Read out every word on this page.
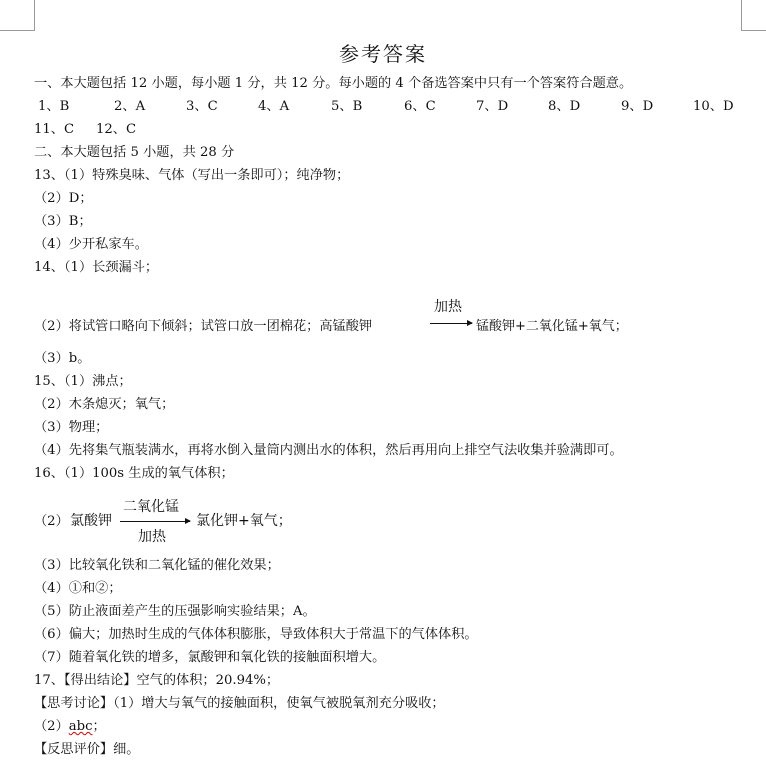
参考答案
一、本大题包括 12 小题，每小题 1 分，共 12 分。每小题的 4 个备选答案中只有一个答案符合题意。
1、B	2、A	3、C	4、A	5、B	6、C	7、D	8、D	9、D	10、D
11、C 12、C
二、本大题包括 5 小题，共 28 分
13、（1）特殊臭味、气体（写出一条即可）；纯净物；
（2）D；
（3）B；
（4）少开私家车。
14、（1）长颈漏斗；
（2）将试管口略向下倾斜；试管口放一团棉花；高锰酸钾
加热
锰酸钾+二氧化锰+氧气；
（3）b。
15、（1）沸点；
（2）木条熄灭；氧气；
（3）物理；
（4）先将集气瓶装满水，再将水倒入量筒内测出水的体积，然后再用向上排空气法收集并验满即可。
16、（1）100s 生成的氧气体积；
（2） 氯酸钾
二氧化锰
加热
氯化钾+氧气；
（3）比较氧化铁和二氧化锰的催化效果；
（4）①和②；
（5）防止液面差产生的压强影响实验结果；A。
（6）偏大；加热时生成的气体体积膨胀，导致体积大于常温下的气体体积。
（7）随着氧化铁的增多，氯酸钾和氧化铁的接触面积增大。
17、【得出结论】空气的体积；20.94%；
【思考讨论】（1）增大与氧气的接触面积，使氧气被脱氧剂充分吸收；
（2）abc；
【反思评价】细。
